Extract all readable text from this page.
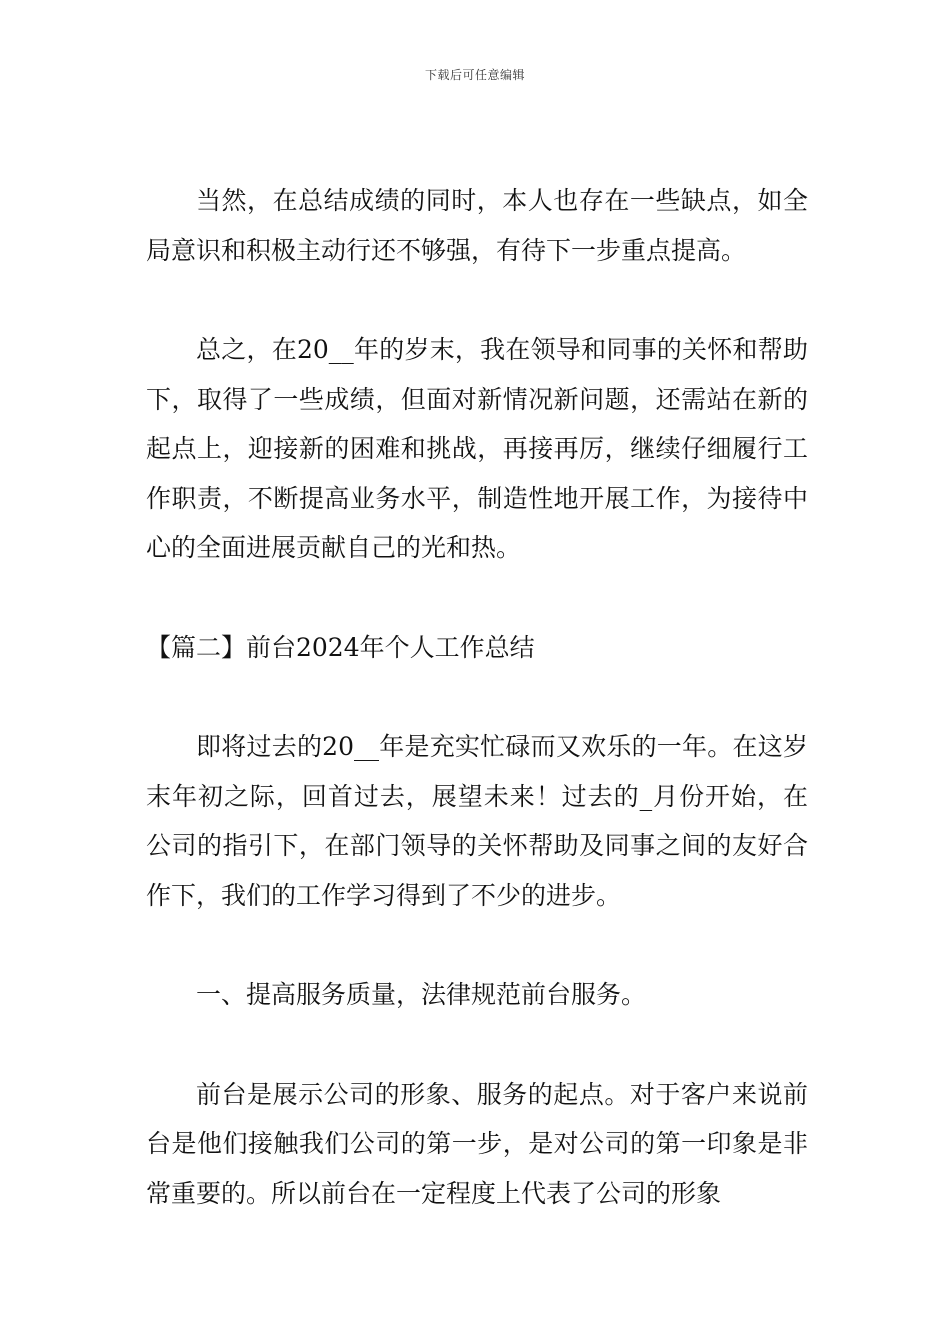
下载后可任意编辑

当然，在总结成绩的同时，本人也存在一些缺点，如全局意识和积极主动行还不够强，有待下一步重点提高。

总之，在20__年的岁末，我在领导和同事的关怀和帮助下，取得了一些成绩，但面对新情况新问题，还需站在新的起点上，迎接新的困难和挑战，再接再厉，继续仔细履行工作职责，不断提高业务水平，制造性地开展工作，为接待中心的全面进展贡献自己的光和热。

【篇二】前台2024年个人工作总结

即将过去的20__年是充实忙碌而又欢乐的一年。在这岁末年初之际，回首过去，展望未来！过去的_月份开始，在公司的指引下，在部门领导的关怀帮助及同事之间的友好合作下，我们的工作学习得到了不少的进步。

一、提高服务质量，法律规范前台服务。

前台是展示公司的形象、服务的起点。对于客户来说前台是他们接触我们公司的第一步，是对公司的第一印象是非常重要的。所以前台在一定程度上代表了公司的形象
